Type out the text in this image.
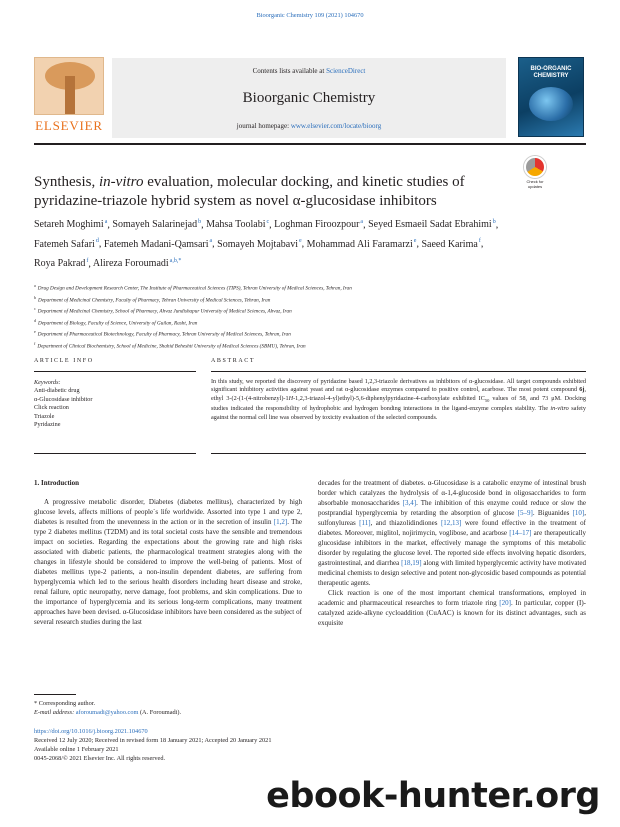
Bioorganic Chemistry 109 (2021) 104670
ELSEVIER
Contents lists available at ScienceDirect
Bioorganic Chemistry
journal homepage: www.elsevier.com/locate/bioorg
BIO-ORGANIC CHEMISTRY
Synthesis, in-vitro evaluation, molecular docking, and kinetic studies of pyridazine-triazole hybrid system as novel α-glucosidase inhibitors
Check for updates
Setareh Moghimi$^a$, Somayeh Salarinejad$^b$, Mahsa Toolabi$^c$, Loghman Firoozpour$^a$, Seyed Esmaeil Sadat Ebrahimi$^b$, Fatemeh Safari$^d$, Fatemeh Madani-Qamsari$^a$, Somayeh Mojtabavi$^e$, Mohammad Ali Faramarzi$^e$, Saeed Karima$^f$, Roya Pakrad$^f$, Alireza Foroumadi$^{a,b,*}$
$^a$Drug Design and Development Research Center, The Institute of Pharmaceutical Sciences (TIPS), Tehran University of Medical Sciences, Tehran, Iran
$^b$Department of Medicinal Chemistry, Faculty of Pharmacy, Tehran University of Medical Sciences, Tehran, Iran
$^c$Department of Medicinal Chemistry, School of Pharmacy, Ahvaz Jundishapur University of Medical Sciences, Ahvaz, Iran
$^d$Department of Biology, Faculty of Science, University of Guilan, Rasht, Iran
$^e$Department of Pharmaceutical Biotechnology, Faculty of Pharmacy, Tehran University of Medical Sciences, Tehran, Iran
$^f$Department of Clinical Biochemistry, School of Medicine, Shahid Beheshti University of Medical Sciences (SBMU), Tehran, Iran
ARTICLE INFO	ABSTRACT
Keywords:
Anti-diabetic drug
α-Glucosidase inhibitor
Click reaction
Triazole
Pyridazine
In this study, we reported the discovery of pyridazine based 1,2,3-triazole derivatives as inhibitors of α-glucosidase. All target compounds exhibited significant inhibitory activities against yeast and rat α-glucosidase enzymes compared to positive control, acarbose. The most potent compound 6j, ethyl 3-(2-(1-(4-nitrobenzyl)-1H-1,2,3-triazol-4-yl)ethyl)-5,6-diphenylpyridazine-4-carboxylate exhibited $IC_{50}$ values of 58, and 73 μM. Docking studies indicated the responsibility of hydrophobic and hydrogen bonding interactions in the ligand-enzyme complex stability. The in-vitro safety against the normal cell line was observed by toxicity evaluation of the selected compounds.
1. Introduction

A progressive metabolic disorder, Diabetes (diabetes mellitus), characterized by high glucose levels, affects millions of people`s life worldwide. Assorted into type 1 and type 2, diabetes is resulted from the unevenness in the action or in the secretion of insulin [1,2]. The type 2 diabetes mellitus (T2DM) and its total societal costs have the sensible and tremendous impact on societies. Regarding the expectations about the growing rate and high risks associated with diabetic patients, the pharmacological treatment strategies along with the changes in lifestyle should be considered to improve the well-being of patients. Most of diabetes mellitus type-2 patients, a non-insulin dependent diabetes, are suffering from hyperglycemia which led to the serious health disorders including heart disease and stroke, renal failure, optic neuropathy, nerve damage, foot problems, and skin complications. Due to the importance of hyperglycemia and its serious long-term complications, many treatment approaches have been devised. α-Glucosidase inhibitors have been considered as the subject of several research studies during the last

decades for the treatment of diabetes. α-Glucosidase is a catabolic enzyme of intestinal brush border which catalyzes the hydrolysis of α-1,4-glucoside bond in oligosaccharides to form absorbable monosaccharides [3,4]. The inhibition of this enzyme could reduce or slow the postprandial hyperglycemia by retarding the absorption of glucose [5–9]. Biguanides [10], sulfonylureas [11], and thiazolidindiones [12,13] were found effective in the treatment of diabetes. Moreover, miglitol, nojirimycin, voglibose, and acarbose [14–17] are therapeutically glucosidase inhibitors in the market, effectively manage the symptoms of this metabolic disorder by regulating the glucose level. The reported side effects involving hepatic disorders, gastrointestinal, and diarrhea [18,19] along with limited hyperglycemic activity have motivated medicinal chemists to design selective and potent non-glycosidic based compounds as potential therapeutic agents.

Click reaction is one of the most important chemical transformations, employed in academic and pharmaceutical researches to form triazole ring [20]. In particular, copper (I)-catalyzed azide-alkyne cycloaddition (CuAAC) is known for its distinct advantages, such as exquisite

* Corresponding author.
E-mail address: aforoumadi@yahoo.com (A. Foroumadi).
https://doi.org/10.1016/j.bioorg.2021.104670
Received 12 July 2020; Received in revised form 18 January 2021; Accepted 20 January 2021
Available online 1 February 2021
0045-2068/© 2021 Elsevier Inc. All rights reserved.
ebook-hunter.org
